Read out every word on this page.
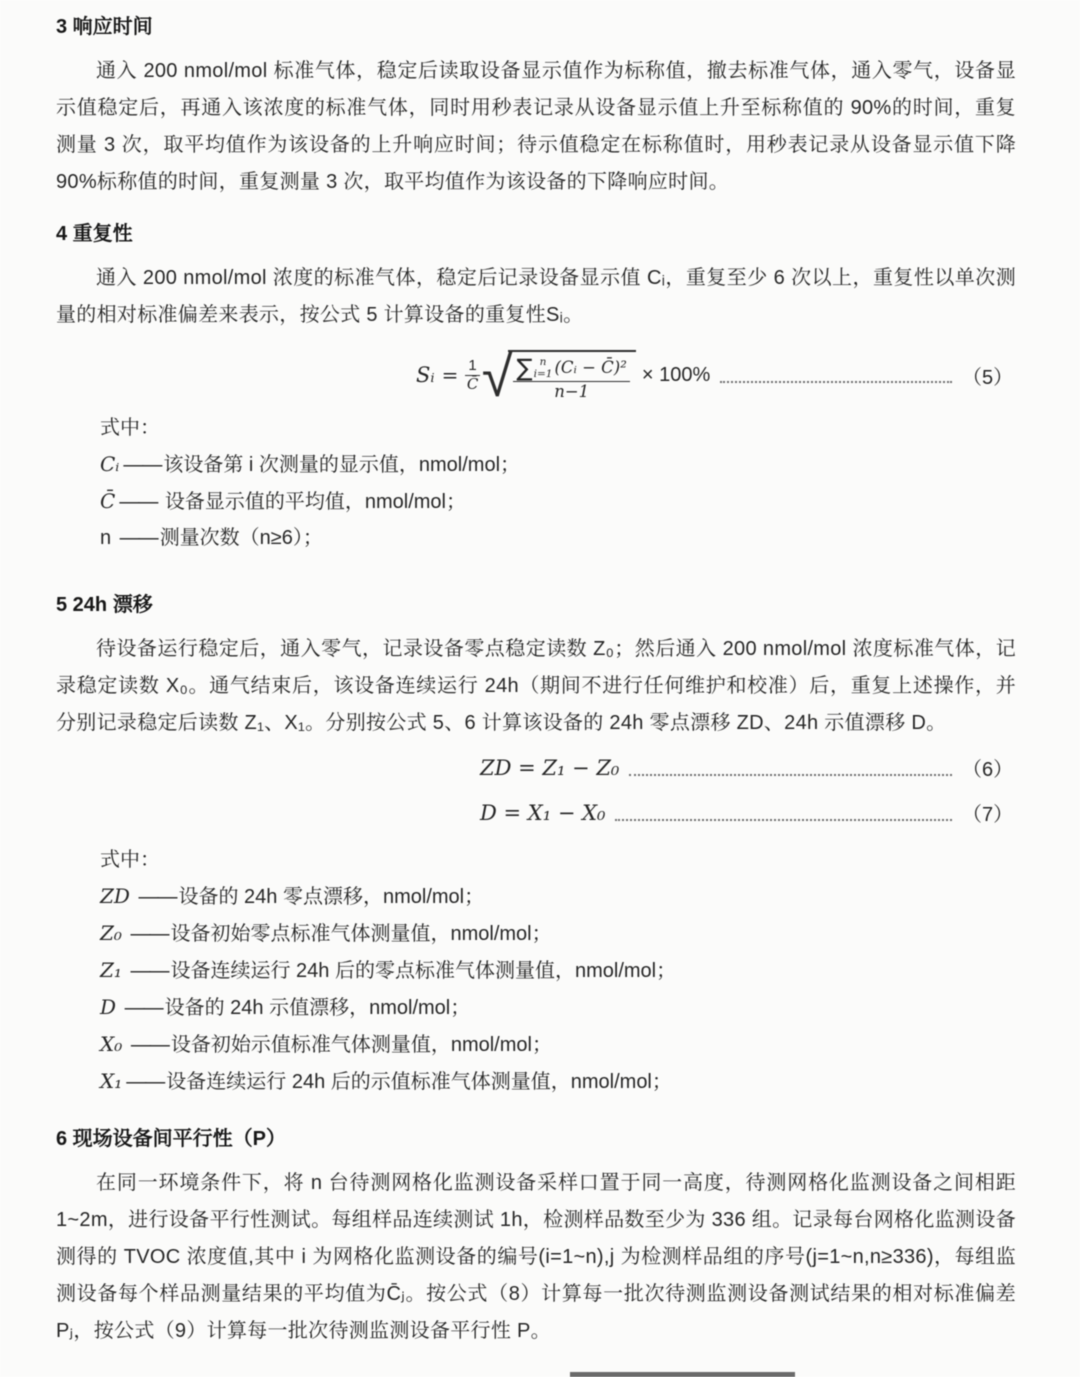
3 响应时间

通入 200 nmol/mol 标准气体，稳定后读取设备显示值作为标称值，撤去标准气体，通入零气，设备显示值稳定后，再通入该浓度的标准气体，同时用秒表记录从设备显示值上升至标称值的 90%的时间，重复测量 3 次，取平均值作为该设备的上升响应时间；待示值稳定在标称值时，用秒表记录从设备显示值下降 90%标称值的时间，重复测量 3 次，取平均值作为该设备的下降响应时间。

4 重复性

通入 200 nmol/mol 浓度的标准气体，稳定后记录设备显示值 Cᵢ，重复至少 6 次以上，重复性以单次测量的相对标准偏差来表示，按公式 5 计算设备的重复性Sᵢ。

Sᵢ = $\frac{1}{C̄}$ √ ∑ n
i=1 (Cᵢ − C̄)²
n−1
× 100%	（5）
式中：
Cᵢ —— 该设备第 i 次测量的显示值，nmol/mol；
C̄ —— 设备显示值的平均值，nmol/mol；
n —— 测量次数（n≥6）；
5 24h 漂移

待设备运行稳定后，通入零气，记录设备零点稳定读数 Z₀；然后通入 200 nmol/mol 浓度标准气体，记录稳定读数 X₀。通气结束后，该设备连续运行 24h（期间不进行任何维护和校准）后，重复上述操作，并分别记录稳定后读数 Z₁、X₁。分别按公式 5、6 计算该设备的 24h 零点漂移 ZD、24h 示值漂移 D。

ZD = Z₁ − Z₀	（6）
D = X₁ − X₀	（7）
式中：
ZD —— 设备的 24h 零点漂移，nmol/mol；
Z₀ —— 设备初始零点标准气体测量值，nmol/mol；
Z₁ —— 设备连续运行 24h 后的零点标准气体测量值，nmol/mol；
D —— 设备的 24h 示值漂移，nmol/mol；
X₀ —— 设备初始示值标准气体测量值，nmol/mol；
X₁ —— 设备连续运行 24h 后的示值标准气体测量值，nmol/mol；
6 现场设备间平行性（P）

在同一环境条件下，将 n 台待测网格化监测设备采样口置于同一高度，待测网格化监测设备之间相距 1~2m，进行设备平行性测试。每组样品连续测试 1h，检测样品数至少为 336 组。记录每台网格化监测设备测得的 TVOC 浓度值,其中 i 为网格化监测设备的编号(i=1~n),j 为检测样品组的序号(j=1~n,n≥336)，每组监测设备每个样品测量结果的平均值为C̄ⱼ。按公式（8）计算每一批次待测监测设备测试结果的相对标准偏差Pⱼ，按公式（9）计算每一批次待测监测设备平行性 P。
